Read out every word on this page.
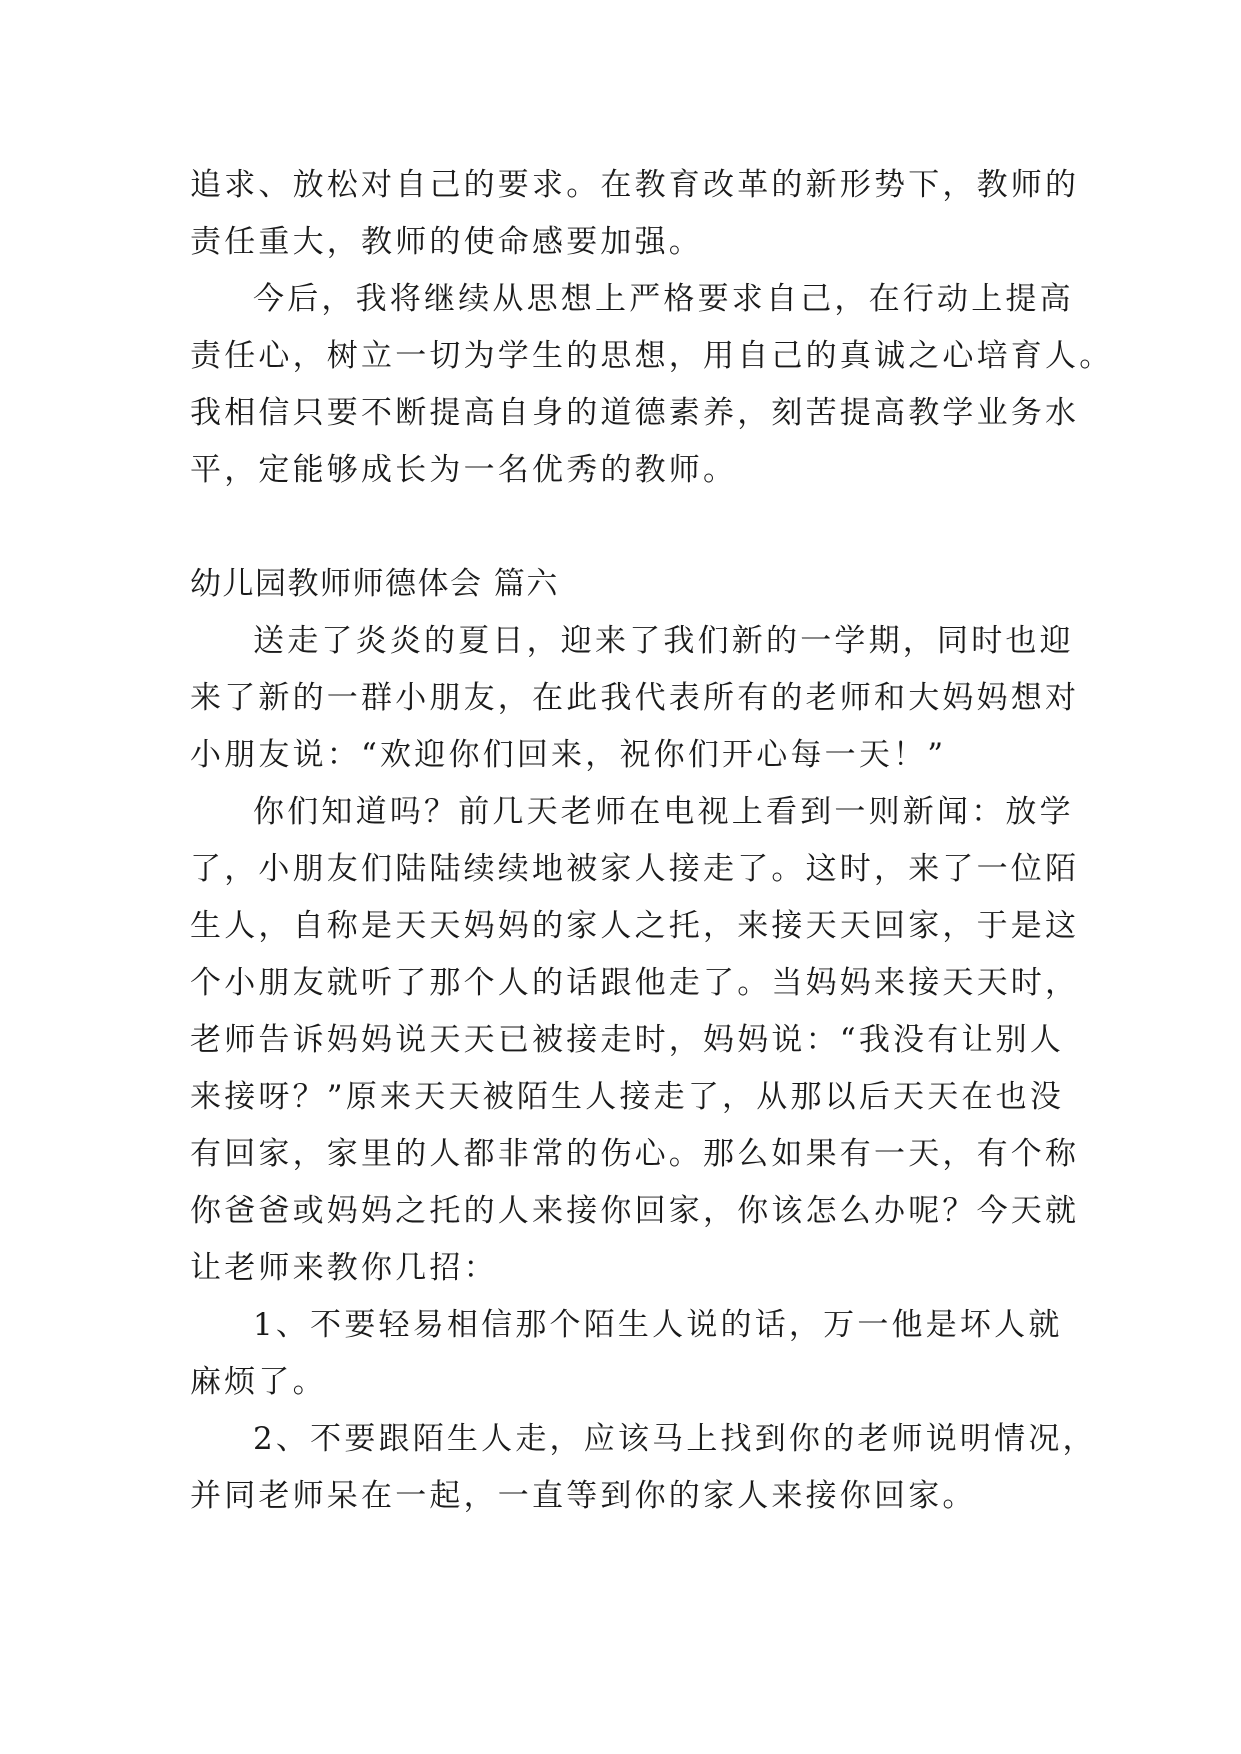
追求、放松对自己的要求。在教育改革的新形势下，教师的
责任重大，教师的使命感要加强。
今后，我将继续从思想上严格要求自己，在行动上提高
责任心，树立一切为学生的思想，用自己的真诚之心培育人。
我相信只要不断提高自身的道德素养，刻苦提高教学业务水
平，定能够成长为一名优秀的教师。
幼儿园教师师德体会 篇六
送走了炎炎的夏日，迎来了我们新的一学期，同时也迎
来了新的一群小朋友，在此我代表所有的老师和大妈妈想对
小朋友说：“欢迎你们回来，祝你们开心每一天！”
你们知道吗？前几天老师在电视上看到一则新闻：放学
了，小朋友们陆陆续续地被家人接走了。这时，来了一位陌
生人，自称是天天妈妈的家人之托，来接天天回家，于是这
个小朋友就听了那个人的话跟他走了。当妈妈来接天天时，
老师告诉妈妈说天天已被接走时，妈妈说：“我没有让别人
来接呀？”原来天天被陌生人接走了，从那以后天天在也没
有回家，家里的人都非常的伤心。那么如果有一天，有个称
你爸爸或妈妈之托的人来接你回家，你该怎么办呢？今天就
让老师来教你几招：
1、不要轻易相信那个陌生人说的话，万一他是坏人就
麻烦了。
2、不要跟陌生人走，应该马上找到你的老师说明情况，
并同老师呆在一起，一直等到你的家人来接你回家。
